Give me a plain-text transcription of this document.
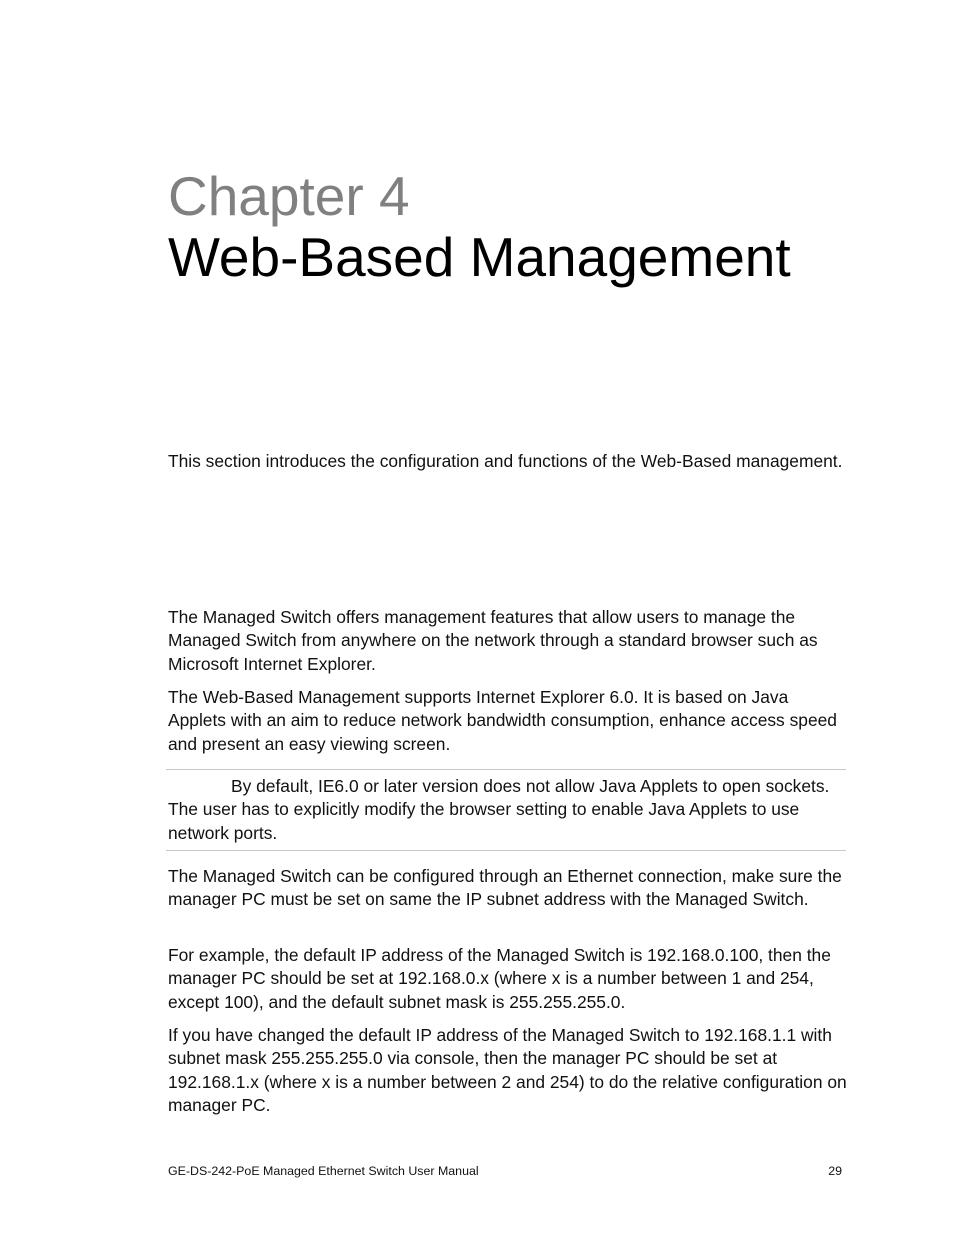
Chapter 4
Web-Based Management

This section introduces the configuration and functions of the Web-Based management.

The Managed Switch offers management features that allow users to manage the Managed Switch from anywhere on the network through a standard browser such as Microsoft Internet Explorer.

The Web-Based Management supports Internet Explorer 6.0. It is based on Java Applets with an aim to reduce network bandwidth consumption, enhance access speed and present an easy viewing screen.

By default, IE6.0 or later version does not allow Java Applets to open sockets. The user has to explicitly modify the browser setting to enable Java Applets to use network ports.

The Managed Switch can be configured through an Ethernet connection, make sure the manager PC must be set on same the IP subnet address with the Managed Switch.

For example, the default IP address of the Managed Switch is 192.168.0.100, then the manager PC should be set at 192.168.0.x (where x is a number between 1 and 254, except 100), and the default subnet mask is 255.255.255.0.

If you have changed the default IP address of the Managed Switch to 192.168.1.1 with subnet mask 255.255.255.0 via console, then the manager PC should be set at 192.168.1.x (where x is a number between 2 and 254) to do the relative configuration on manager PC.

GE-DS-242-PoE Managed Ethernet Switch User Manual	29
